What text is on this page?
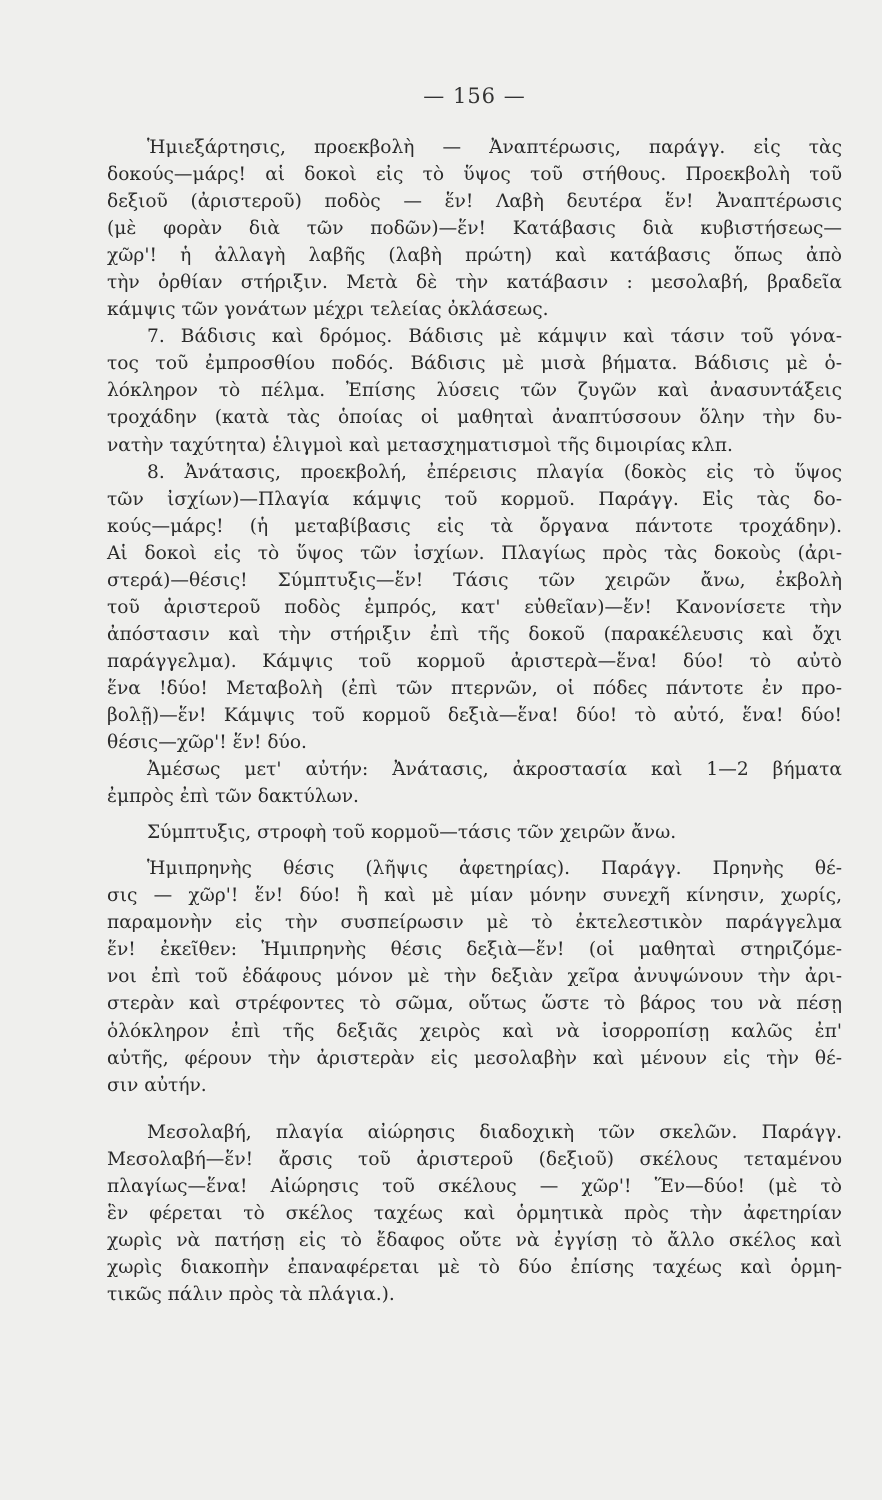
— 156 —
Ἡμιεξάρτησις, προεκβολὴ — Ἀναπτέρωσις, παράγγ. εἰς τὰς
δοκούς—μάρς! αἱ δοκοὶ εἰς τὸ ὕψος τοῦ στήθους. Προεκβολὴ τοῦ
δεξιοῦ (ἀριστεροῦ) ποδὸς — ἕν! Λαβὴ δευτέρα ἕν! Ἀναπτέρωσις
(μὲ φορὰν διὰ τῶν ποδῶν)—ἕν! Κατάβασις διὰ κυβιστήσεως—
χῶρ'! ἡ ἀλλαγὴ λαβῆς (λαβὴ πρώτη) καὶ κατάβασις ὅπως ἀπὸ
τὴν ὀρθίαν στήριξιν. Μετὰ δὲ τὴν κατάβασιν : μεσολαβή, βραδεῖα
κάμψις τῶν γονάτων μέχρι τελείας ὀκλάσεως.
7. Βάδισις καὶ δρόμος. Βάδισις μὲ κάμψιν καὶ τάσιν τοῦ γόνα-
τος τοῦ ἐμπροσθίου ποδός. Βάδισις μὲ μισὰ βήματα. Βάδισις μὲ ὁ-
λόκληρον τὸ πέλμα. Ἐπίσης λύσεις τῶν ζυγῶν καὶ ἀνασυντάξεις
τροχάδην (κατὰ τὰς ὁποίας οἱ μαθηταὶ ἀναπτύσσουν ὅλην τὴν δυ-
νατὴν ταχύτητα) ἑλιγμοὶ καὶ μετασχηματισμοὶ τῆς διμοιρίας κλπ.
8. Ἀνάτασις, προεκβολή, ἐπέρεισις πλαγία (δοκὸς εἰς τὸ ὕψος
τῶν ἰσχίων)—Πλαγία κάμψις τοῦ κορμοῦ. Παράγγ. Εἰς τὰς δο-
κούς—μάρς! (ἡ μεταβίβασις εἰς τὰ ὄργανα πάντοτε τροχάδην).
Αἱ δοκοὶ εἰς τὸ ὕψος τῶν ἰσχίων. Πλαγίως πρὸς τὰς δοκοὺς (ἀρι-
στερά)—θέσις! Σύμπτυξις—ἕν! Τάσις τῶν χειρῶν ἄνω, ἐκβολὴ
τοῦ ἀριστεροῦ ποδὸς ἐμπρός, κατ' εὐθεῖαν)—ἕν! Κανονίσετε τὴν
ἀπόστασιν καὶ τὴν στήριξιν ἐπὶ τῆς δοκοῦ (παρακέλευσις καὶ ὄχι
παράγγελμα). Κάμψις τοῦ κορμοῦ ἀριστερὰ—ἕνα! δύο! τὸ αὐτὸ
ἕνα !δύο! Μεταβολὴ (ἐπὶ τῶν πτερνῶν, οἱ πόδες πάντοτε ἐν προ-
βολῇ)—ἕν! Κάμψις τοῦ κορμοῦ δεξιὰ—ἕνα! δύο! τὸ αὐτό, ἕνα! δύο!
θέσις—χῶρ'! ἕν! δύο.
Ἀμέσως μετ' αὐτήν: Ἀνάτασις, ἀκροστασία καὶ 1—2 βήματα
ἐμπρὸς ἐπὶ τῶν δακτύλων.
Σύμπτυξις, στροφὴ τοῦ κορμοῦ—τάσις τῶν χειρῶν ἄνω.
Ἡμιπρηνὴς θέσις (λῆψις ἀφετηρίας). Παράγγ. Πρηνὴς θέ-
σις — χῶρ'! ἕν! δύο! ἢ καὶ μὲ μίαν μόνην συνεχῆ κίνησιν, χωρίς,
παραμονὴν εἰς τὴν συσπείρωσιν μὲ τὸ ἐκτελεστικὸν παράγγελμα
ἕν! ἐκεῖθεν: Ἡμιπρηνὴς θέσις δεξιὰ—ἕν! (οἱ μαθηταὶ στηριζόμε-
νοι ἐπὶ τοῦ ἐδάφους μόνον μὲ τὴν δεξιὰν χεῖρα ἀνυψώνουν τὴν ἀρι-
στερὰν καὶ στρέφοντες τὸ σῶμα, οὕτως ὥστε τὸ βάρος του νὰ πέσῃ
ὁλόκληρον ἐπὶ τῆς δεξιᾶς χειρὸς καὶ νὰ ἰσορροπίσῃ καλῶς ἐπ'
αὐτῆς, φέρουν τὴν ἀριστερὰν εἰς μεσολαβὴν καὶ μένουν εἰς τὴν θέ-
σιν αὐτήν.
Μεσολαβή, πλαγία αἰώρησις διαδοχικὴ τῶν σκελῶν. Παράγγ.
Μεσολαβή—ἕν! ἄρσις τοῦ ἀριστεροῦ (δεξιοῦ) σκέλους τεταμένου
πλαγίως—ἕνα! Αἰώρησις τοῦ σκέλους — χῶρ'! Ἕν—δύο! (μὲ τὸ
ἓν φέρεται τὸ σκέλος ταχέως καὶ ὁρμητικὰ πρὸς τὴν ἀφετηρίαν
χωρὶς νὰ πατήσῃ εἰς τὸ ἔδαφος οὔτε νὰ ἐγγίσῃ τὸ ἄλλο σκέλος καὶ
χωρὶς διακοπὴν ἐπαναφέρεται μὲ τὸ δύο ἐπίσης ταχέως καὶ ὁρμη-
τικῶς πάλιν πρὸς τὰ πλάγια.).
